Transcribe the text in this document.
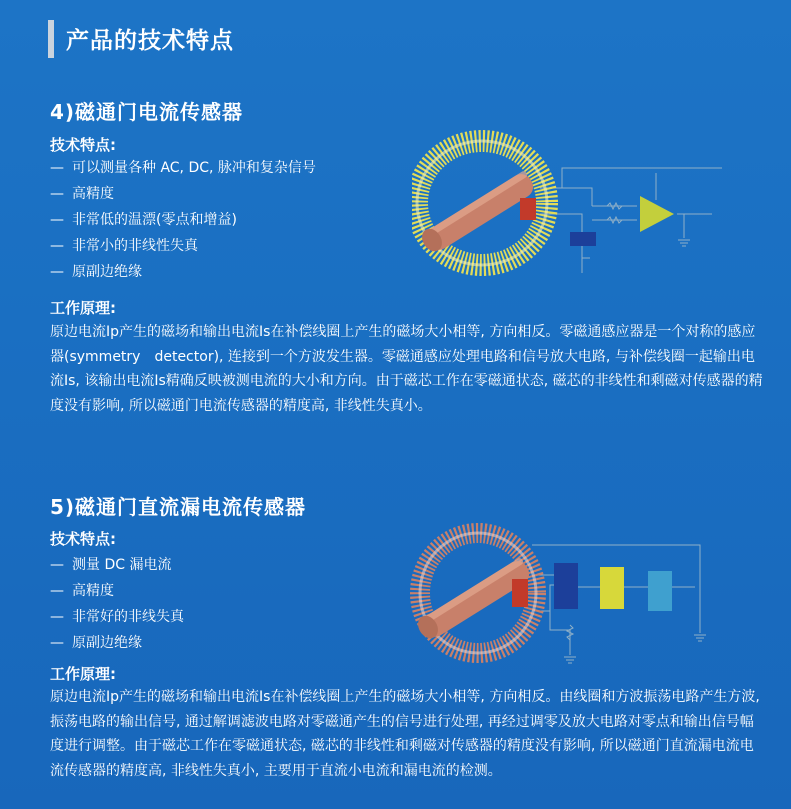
产品的技术特点
4)磁通门电流传感器
技术特点:
— 可以测量各种 AC, DC, 脉冲和复杂信号
— 高精度
— 非常低的温漂(零点和增益)
— 非常小的非线性失真
— 原副边绝缘
工作原理:

原边电流Ip产生的磁场和输出电流Is在补偿线圈上产生的磁场大小相等, 方向相反。零磁通感应器是一个对称的感应器(symmetry　detector), 连接到一个方波发生器。零磁通感应处理电路和信号放大电路, 与补偿线圈一起输出电流Is, 该输出电流Is精确反映被测电流的大小和方向。由于磁芯工作在零磁通状态, 磁芯的非线性和剩磁对传感器的精度没有影响, 所以磁通门电流传感器的精度高, 非线性失真小。

5)磁通门直流漏电流传感器
技术特点:
— 测量 DC 漏电流
— 高精度
— 非常好的非线失真
— 原副边绝缘
工作原理:

原边电流Ip产生的磁场和输出电流Is在补偿线圈上产生的磁场大小相等, 方向相反。由线圈和方波振荡电路产生方波, 振荡电路的输出信号, 通过解调滤波电路对零磁通产生的信号进行处理, 再经过调零及放大电路对零点和输出信号幅度进行调整。由于磁芯工作在零磁通状态, 磁芯的非线性和剩磁对传感器的精度没有影响, 所以磁通门直流漏电流电流传感器的精度高, 非线性失真小, 主要用于直流小电流和漏电流的检测。
